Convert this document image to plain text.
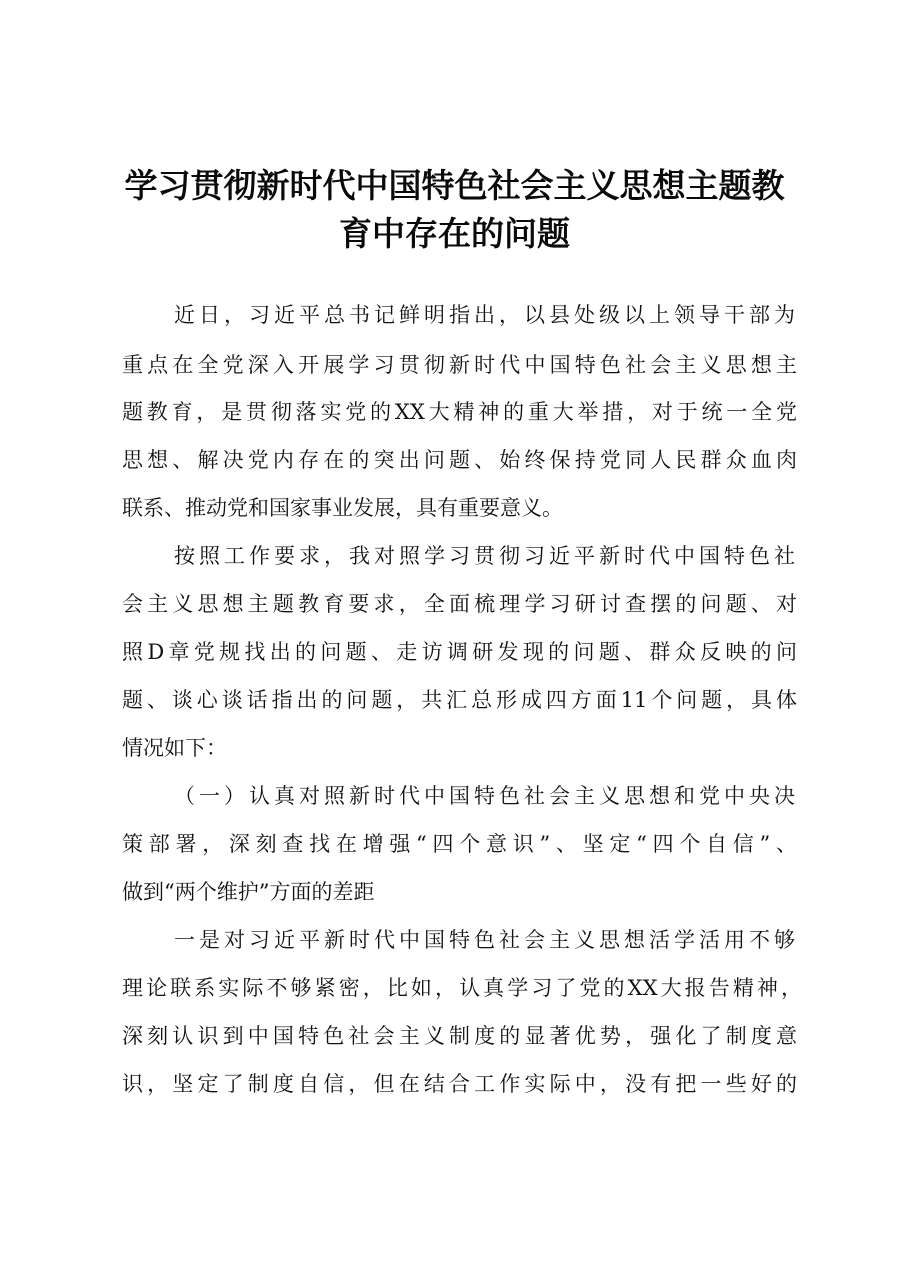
学习贯彻新时代中国特色社会主义思想主题教
育中存在的问题
近日，习近平总书记鲜明指出，以县处级以上领导干部为
重点在全党深入开展学习贯彻新时代中国特色社会主义思想主
题教育，是贯彻落实党的XX大精神的重大举措，对于统一全党
思想、解决党内存在的突出问题、始终保持党同人民群众血肉
联系、推动党和国家事业发展，具有重要意义。
按照工作要求，我对照学习贯彻习近平新时代中国特色社
会主义思想主题教育要求，全面梳理学习研讨查摆的问题、对
照D章党规找出的问题、走访调研发现的问题、群众反映的问
题、谈心谈话指出的问题，共汇总形成四方面11个问题，具体
情况如下：
（一）认真对照新时代中国特色社会主义思想和党中央决
策部署，深刻查找在增强“四个意识”、坚定“四个自信”、
做到“两个维护”方面的差距
一是对习近平新时代中国特色社会主义思想活学活用不够
理论联系实际不够紧密，比如，认真学习了党的XX大报告精神，
深刻认识到中国特色社会主义制度的显著优势，强化了制度意
识，坚定了制度自信，但在结合工作实际中，没有把一些好的
